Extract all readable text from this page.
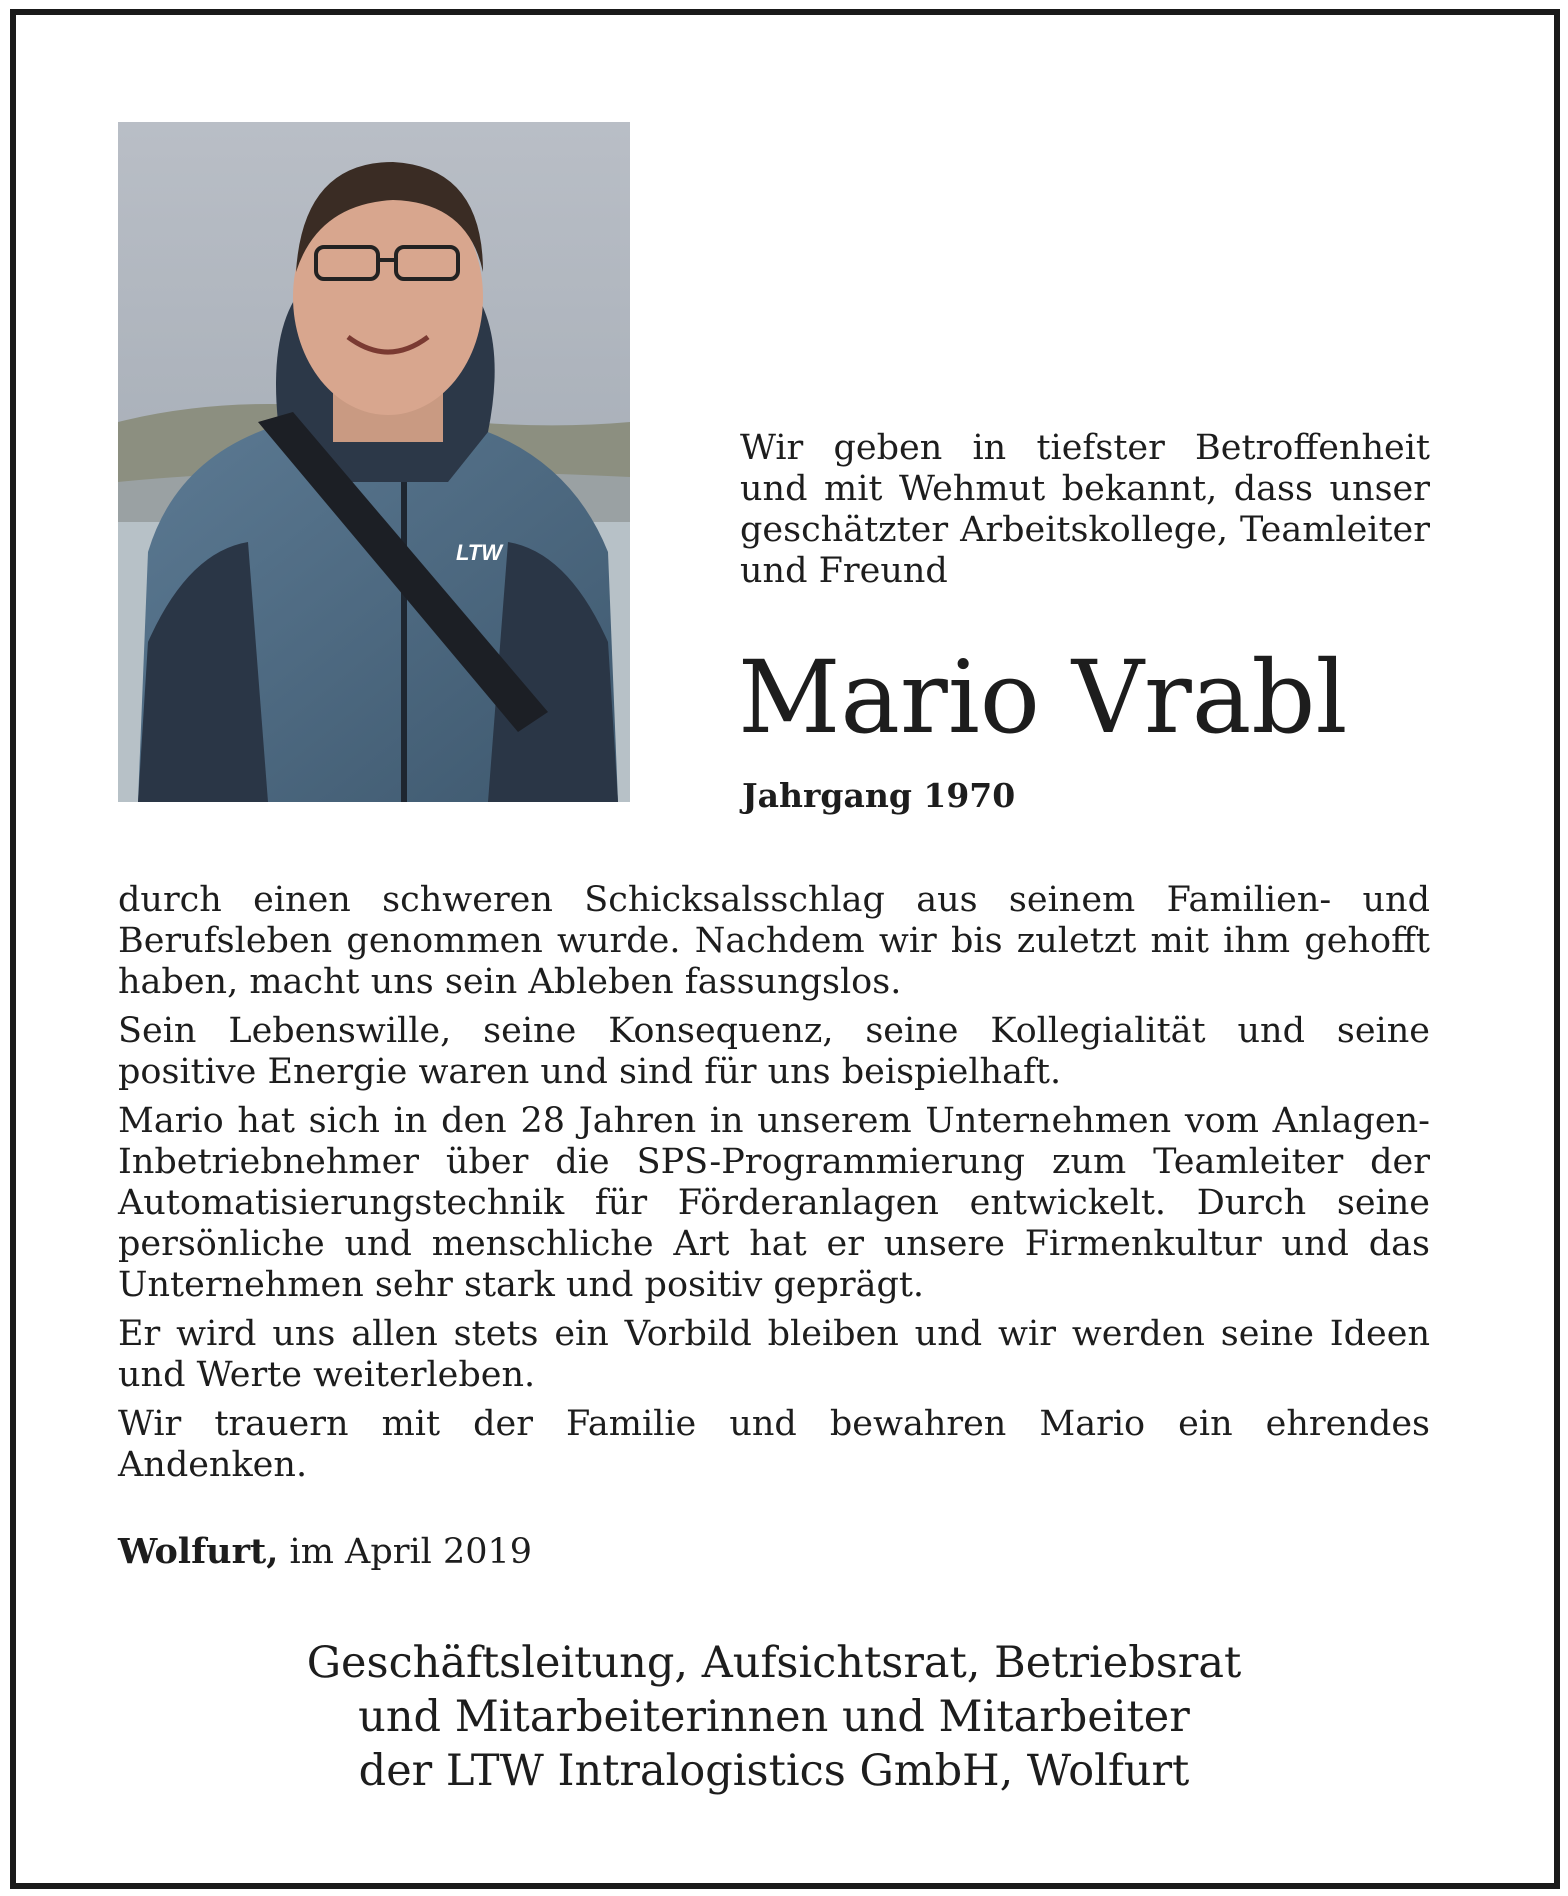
LTW
Wir geben in tiefster Betroffenheit und mit Wehmut bekannt, dass unser geschätzter Arbeitskollege, Teamleiter und Freund
Mario Vrabl
Jahrgang 1970

durch einen schweren Schicksalsschlag aus seinem Familien- und Berufsleben genommen wurde. Nachdem wir bis zuletzt mit ihm gehofft haben, macht uns sein Ableben fassungslos.

Sein Lebenswille, seine Konsequenz, seine Kollegialität und seine positive Energie waren und sind für uns beispielhaft.

Mario hat sich in den 28 Jahren in unserem Unternehmen vom Anlagen-Inbetriebnehmer über die SPS-Programmierung zum Teamleiter der Automatisierungstechnik für Förderanlagen entwickelt. Durch seine persönliche und menschliche Art hat er unsere Firmenkultur und das Unternehmen sehr stark und positiv geprägt.

Er wird uns allen stets ein Vorbild bleiben und wir werden seine Ideen und Werte weiterleben.

Wir trauern mit der Familie und bewahren Mario ein ehrendes Andenken.

Wolfurt, im April 2019
Geschäftsleitung, Aufsichtsrat, Betriebsrat
und Mitarbeiterinnen und Mitarbeiter
der LTW Intralogistics GmbH, Wolfurt
